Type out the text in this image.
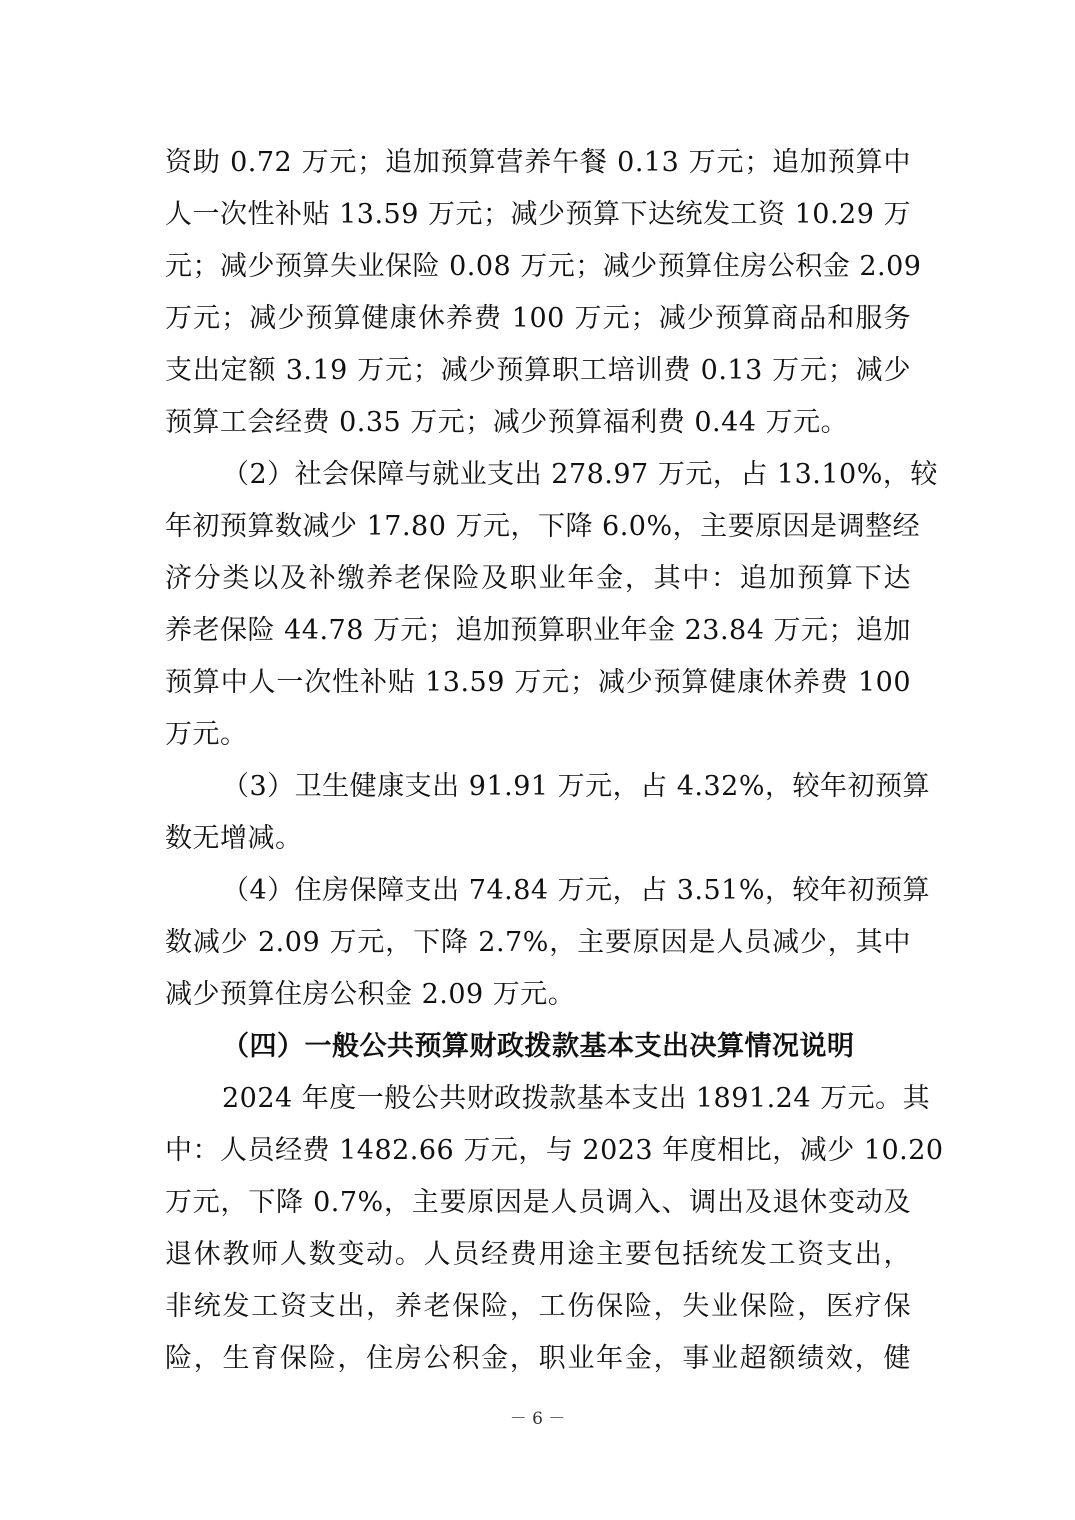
资助 0.72 万元；追加预算营养午餐 0.13 万元；追加预算中
人一次性补贴 13.59 万元；减少预算下达统发工资 10.29 万
元；减少预算失业保险 0.08 万元；减少预算住房公积金 2.09
万元；减少预算健康休养费 100 万元；减少预算商品和服务
支出定额 3.19 万元；减少预算职工培训费 0.13 万元；减少
预算工会经费 0.35 万元；减少预算福利费 0.44 万元。
（2）社会保障与就业支出 278.97 万元，占 13.10%，较
年初预算数减少 17.80 万元，下降 6.0%，主要原因是调整经
济分类以及补缴养老保险及职业年金，其中：追加预算下达
养老保险 44.78 万元；追加预算职业年金 23.84 万元；追加
预算中人一次性补贴 13.59 万元；减少预算健康休养费 100
万元。
（3）卫生健康支出 91.91 万元，占 4.32%，较年初预算
数无增减。
（4）住房保障支出 74.84 万元，占 3.51%，较年初预算
数减少 2.09 万元，下降 2.7%，主要原因是人员减少，其中
减少预算住房公积金 2.09 万元。
（四）一般公共预算财政拨款基本支出决算情况说明
2024 年度一般公共财政拨款基本支出 1891.24 万元。其
中：人员经费 1482.66 万元，与 2023 年度相比，减少 10.20
万元，下降 0.7%，主要原因是人员调入、调出及退休变动及
退休教师人数变动。人员经费用途主要包括统发工资支出，
非统发工资支出，养老保险，工伤保险，失业保险，医疗保
险，生育保险，住房公积金，职业年金，事业超额绩效，健
－ 6 －
